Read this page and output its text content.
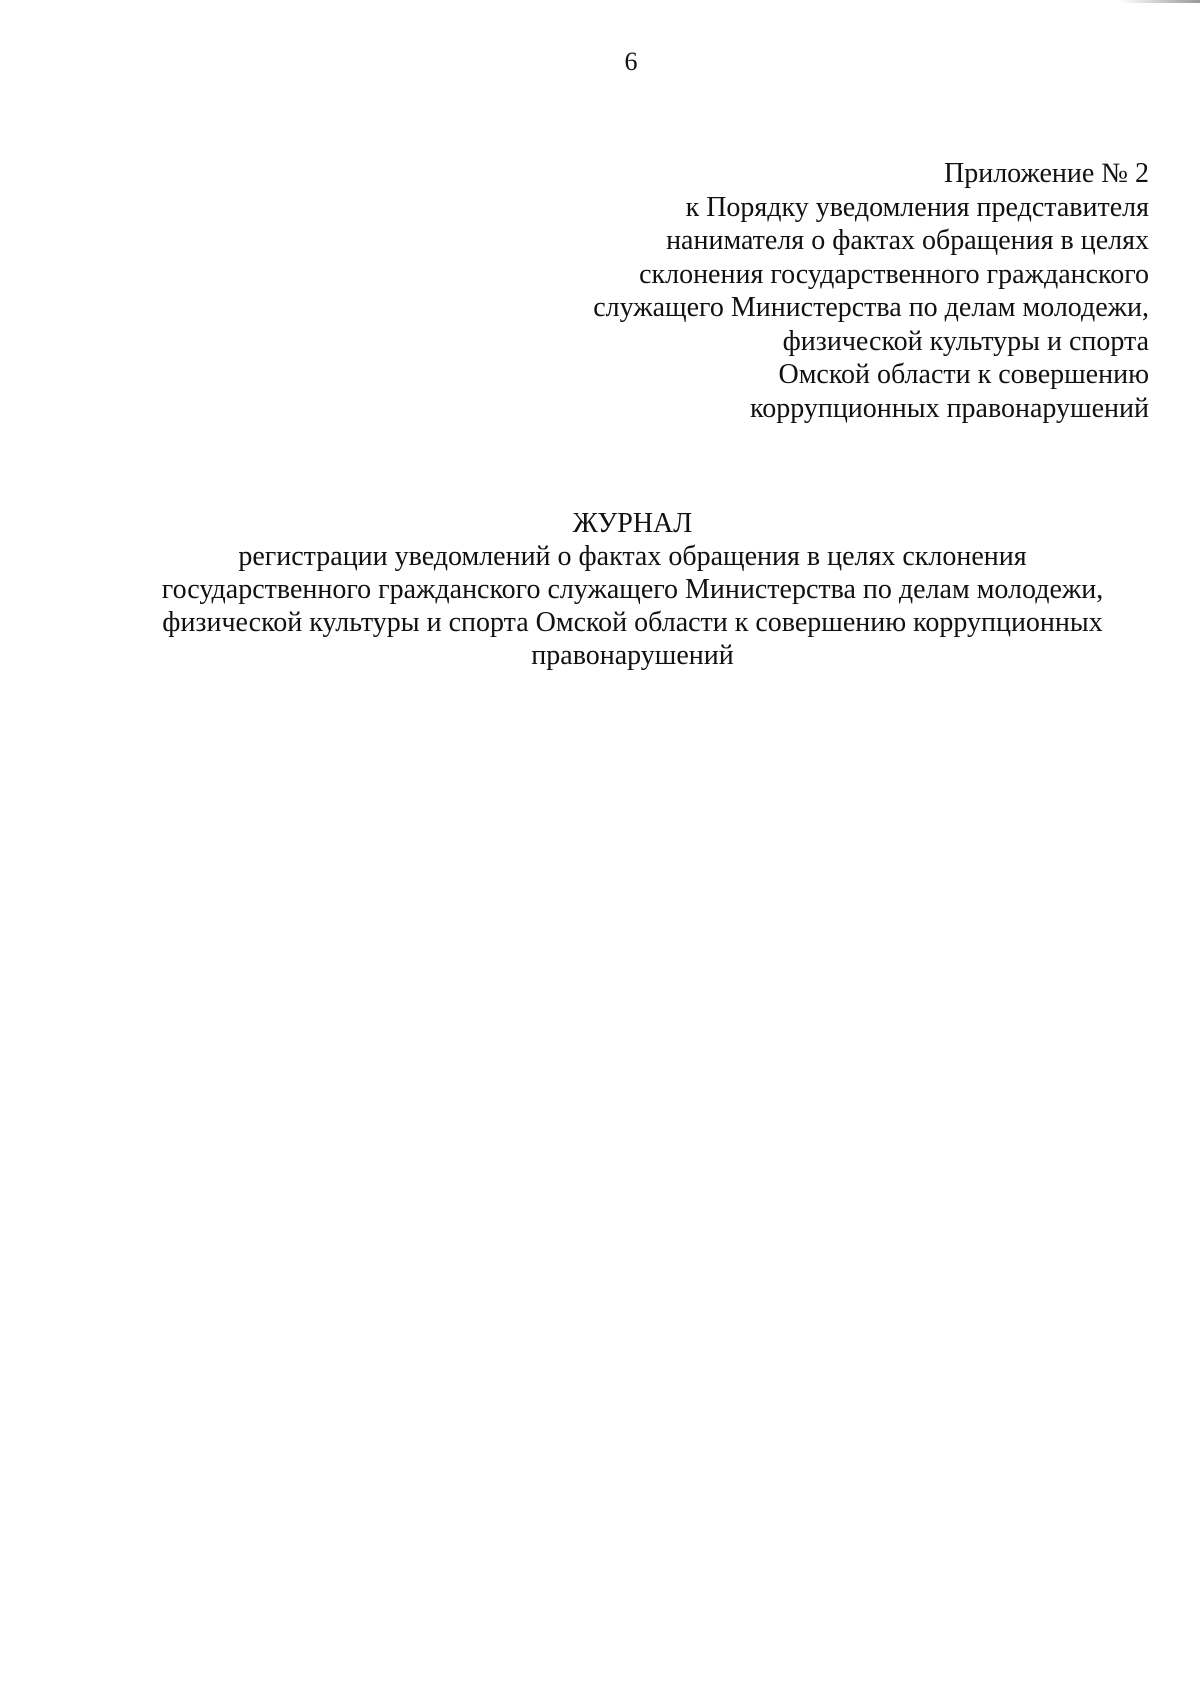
6
Приложение № 2
к Порядку уведомления представителя
нанимателя о фактах обращения в целях
склонения государственного гражданского
служащего Министерства по делам молодежи,
физической культуры и спорта
Омской области к совершению
коррупционных правонарушений
ЖУРНАЛ
регистрации уведомлений о фактах обращения в целях склонения
государственного гражданского служащего Министерства по делам молодежи,
физической культуры и спорта Омской области к совершению коррупционных
правонарушений
